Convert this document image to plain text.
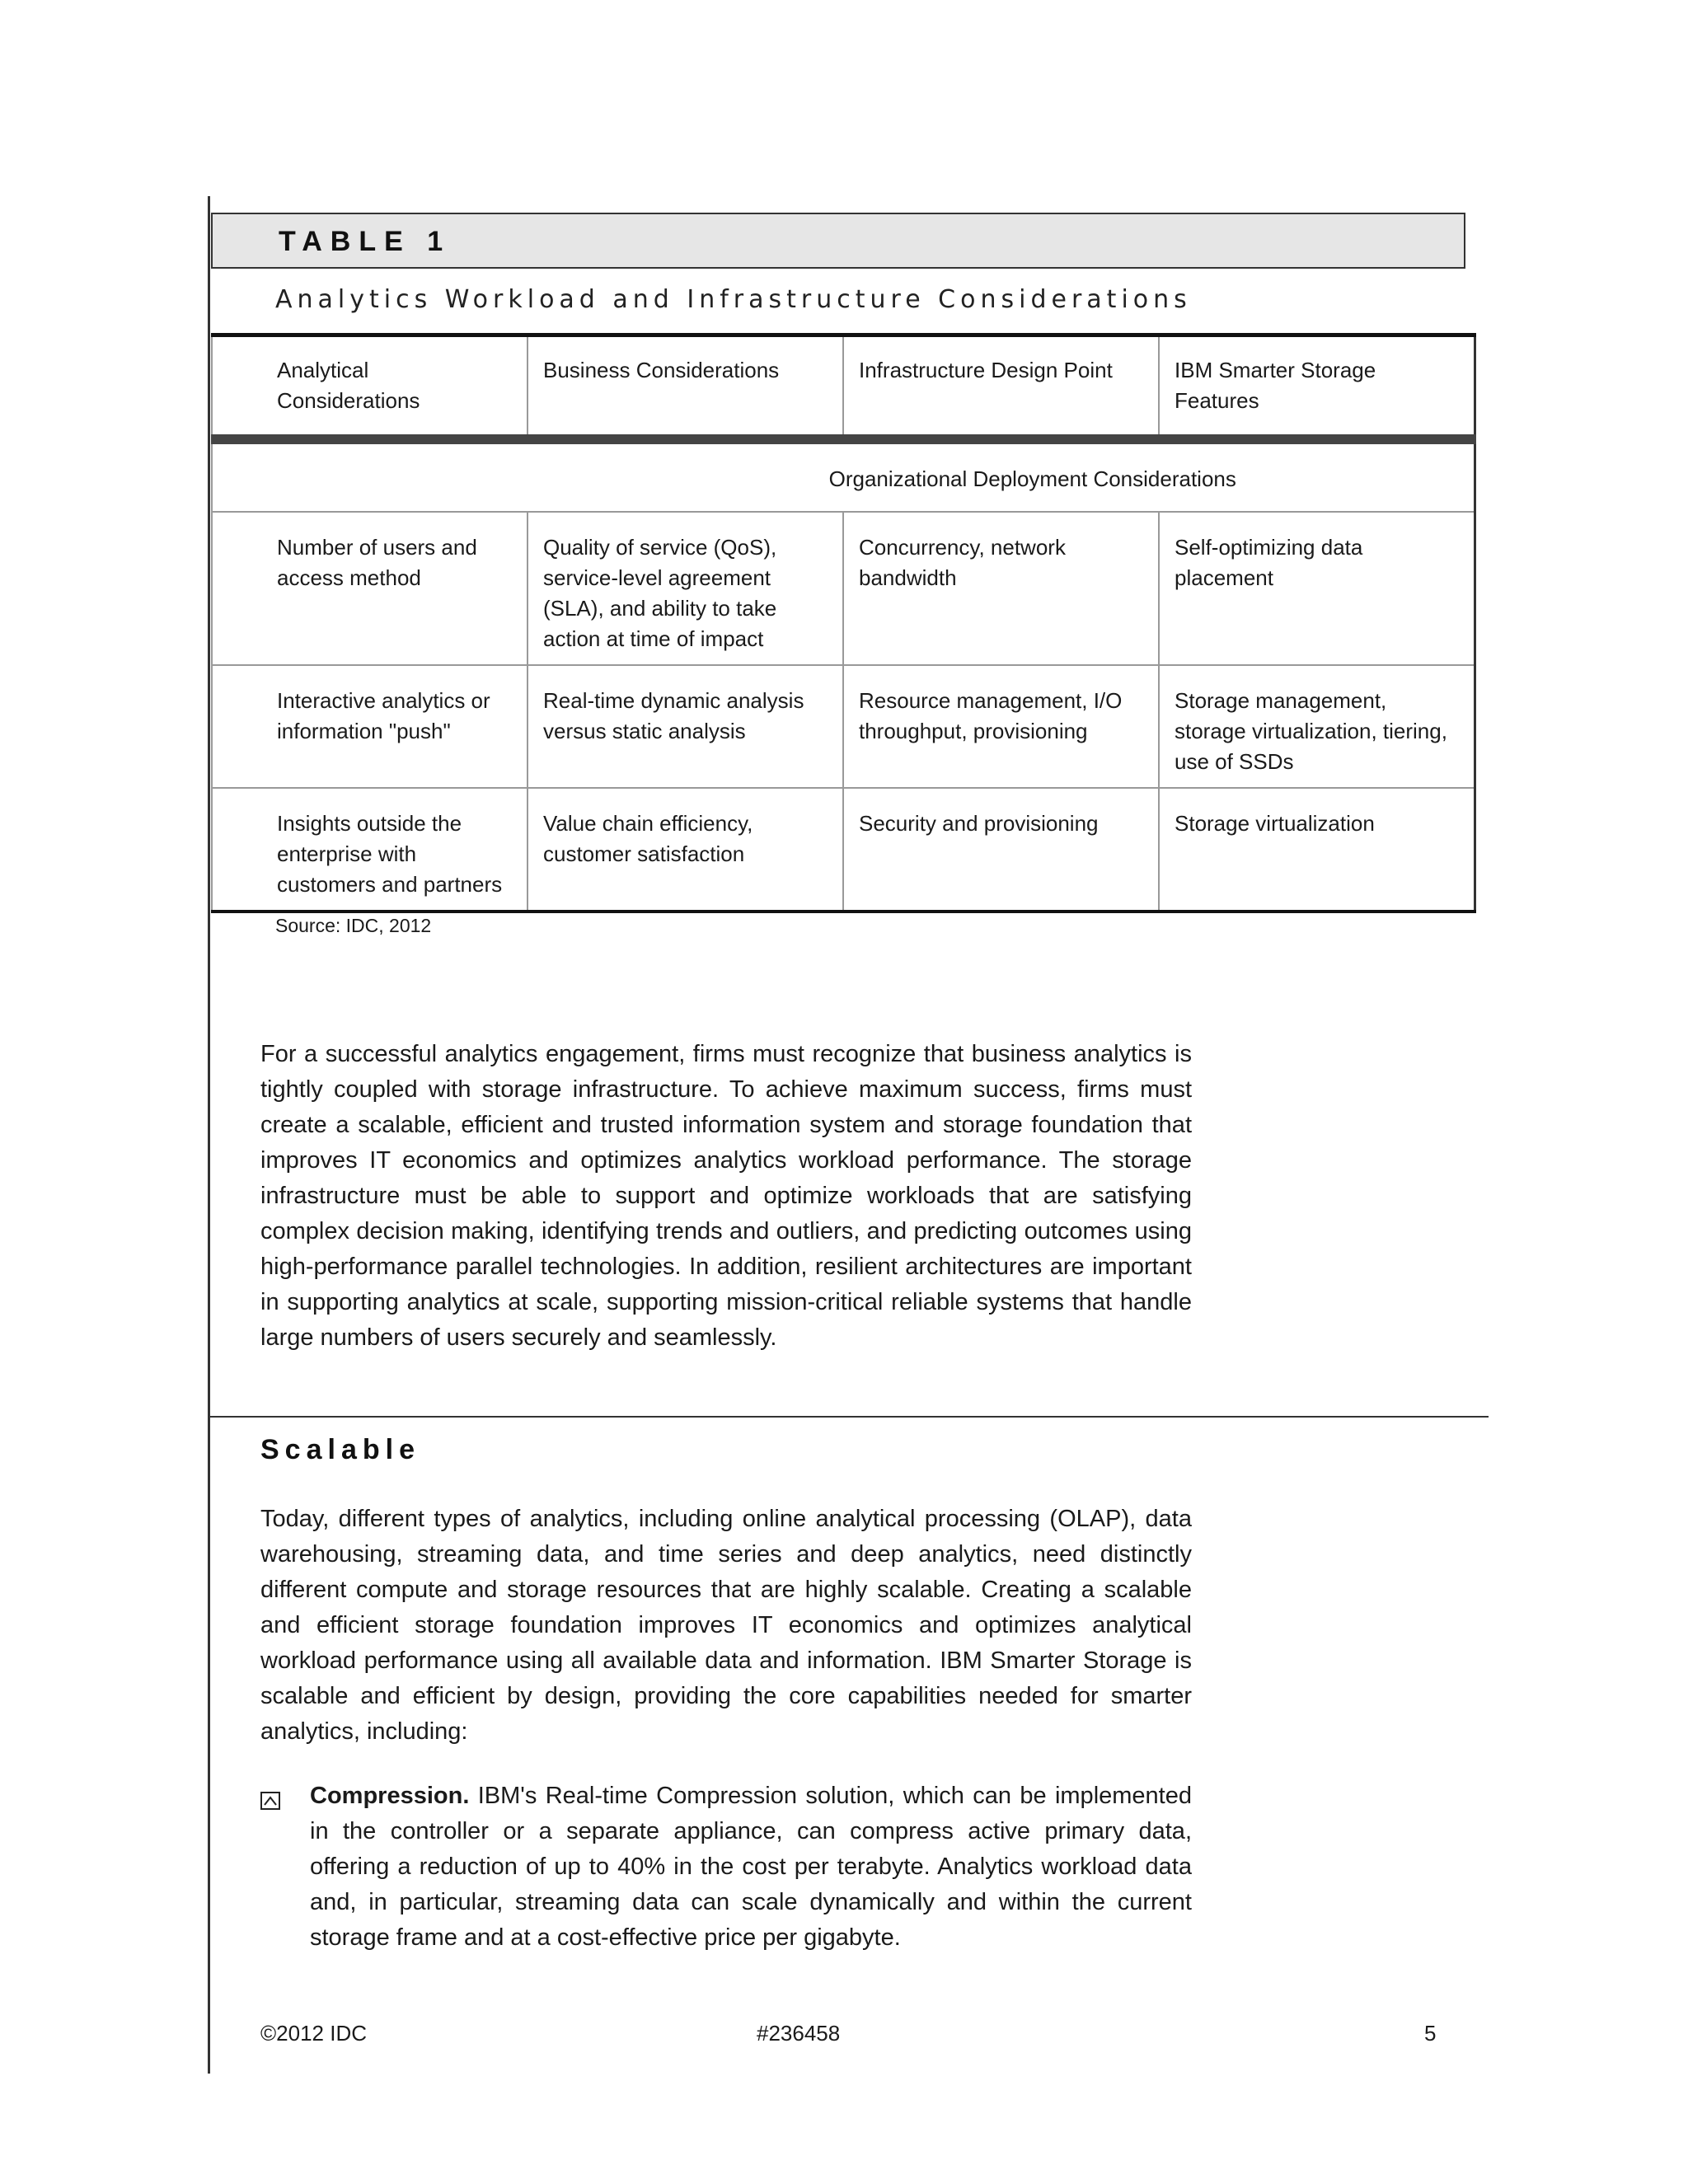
TABLE 1
Analytics Workload and Infrastructure Considerations
Analytical Considerations	Business Considerations	Infrastructure Design Point	IBM Smarter Storage Features
Organizational Deployment Considerations			
Number of users and access method	Quality of service (QoS), service-level agreement (SLA), and ability to take action at time of impact	Concurrency, network bandwidth	Self-optimizing data placement
Interactive analytics or information "push"	Real-time dynamic analysis versus static analysis	Resource management, I/O throughput, provisioning	Storage management, storage virtualization, tiering, use of SSDs
Insights outside the enterprise with customers and partners	Value chain efficiency, customer satisfaction	Security and provisioning	Storage virtualization
Source: IDC, 2012

For a successful analytics engagement, firms must recognize that business analytics is tightly coupled with storage infrastructure. To achieve maximum success, firms must create a scalable, efficient and trusted information system and storage foundation that improves IT economics and optimizes analytics workload performance. The storage infrastructure must be able to support and optimize workloads that are satisfying complex decision making, identifying trends and outliers, and predicting outcomes using high-performance parallel technologies. In addition, resilient architectures are important in supporting analytics at scale, supporting mission-critical reliable systems that handle large numbers of users securely and seamlessly.

Scalable

Today, different types of analytics, including online analytical processing (OLAP), data warehousing, streaming data, and time series and deep analytics, need distinctly different compute and storage resources that are highly scalable. Creating a scalable and efficient storage foundation improves IT economics and optimizes analytical workload performance using all available data and information. IBM Smarter Storage is scalable and efficient by design, providing the core capabilities needed for smarter analytics, including:

Compression. IBM's Real-time Compression solution, which can be implemented in the controller or a separate appliance, can compress active primary data, offering a reduction of up to 40% in the cost per terabyte. Analytics workload data and, in particular, streaming data can scale dynamically and within the current storage frame and at a cost-effective price per gigabyte.
©2012 IDC	#236458	5
